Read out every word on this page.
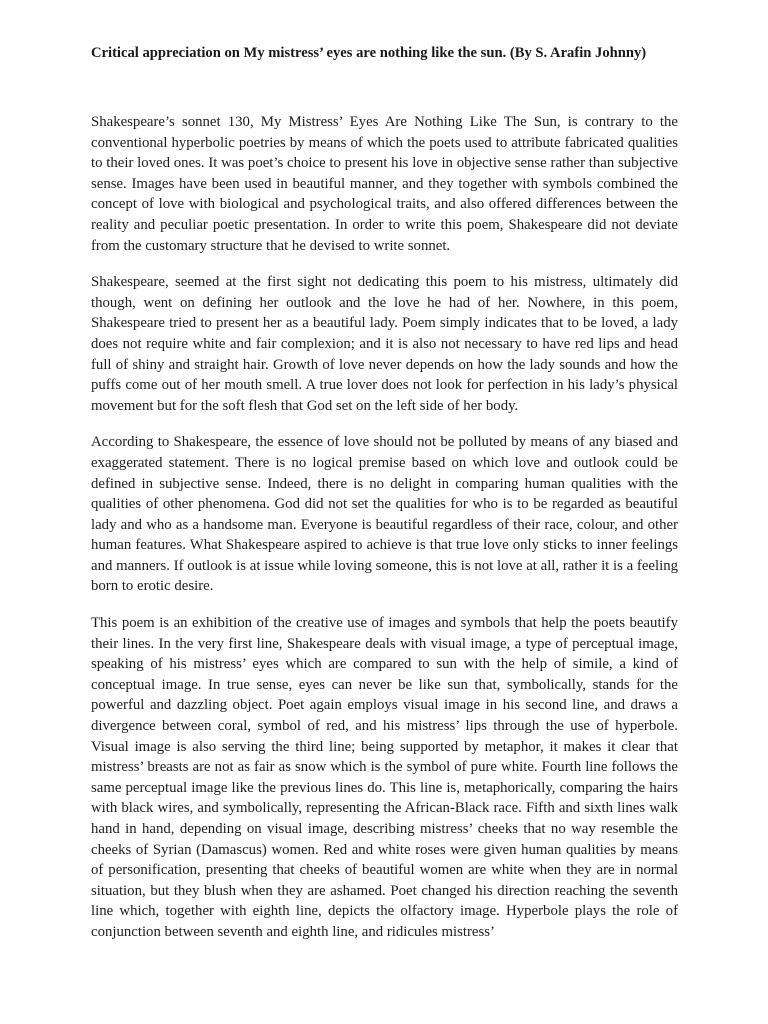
Critical appreciation on My mistress’ eyes are nothing like the sun. (By S. Arafin Johnny)

Shakespeare’s sonnet 130, My Mistress’ Eyes Are Nothing Like The Sun, is contrary to the conventional hyperbolic poetries by means of which the poets used to attribute fabricated qualities to their loved ones. It was poet’s choice to present his love in objective sense rather than subjective sense. Images have been used in beautiful manner, and they together with symbols combined the concept of love with biological and psychological traits, and also offered differences between the reality and peculiar poetic presentation. In order to write this poem, Shakespeare did not deviate from the customary structure that he devised to write sonnet.

Shakespeare, seemed at the first sight not dedicating this poem to his mistress, ultimately did though, went on defining her outlook and the love he had of her. Nowhere, in this poem, Shakespeare tried to present her as a beautiful lady. Poem simply indicates that to be loved, a lady does not require white and fair complexion; and it is also not necessary to have red lips and head full of shiny and straight hair. Growth of love never depends on how the lady sounds and how the puffs come out of her mouth smell. A true lover does not look for perfection in his lady’s physical movement but for the soft flesh that God set on the left side of her body.

According to Shakespeare, the essence of love should not be polluted by means of any biased and exaggerated statement. There is no logical premise based on which love and outlook could be defined in subjective sense. Indeed, there is no delight in comparing human qualities with the qualities of other phenomena. God did not set the qualities for who is to be regarded as beautiful lady and who as a handsome man. Everyone is beautiful regardless of their race, colour, and other human features. What Shakespeare aspired to achieve is that true love only sticks to inner feelings and manners. If outlook is at issue while loving someone, this is not love at all, rather it is a feeling born to erotic desire.

This poem is an exhibition of the creative use of images and symbols that help the poets beautify their lines. In the very first line, Shakespeare deals with visual image, a type of perceptual image, speaking of his mistress’ eyes which are compared to sun with the help of simile, a kind of conceptual image. In true sense, eyes can never be like sun that, symbolically, stands for the powerful and dazzling object. Poet again employs visual image in his second line, and draws a divergence between coral, symbol of red, and his mistress’ lips through the use of hyperbole. Visual image is also serving the third line; being supported by metaphor, it makes it clear that mistress’ breasts are not as fair as snow which is the symbol of pure white. Fourth line follows the same perceptual image like the previous lines do. This line is, metaphorically, comparing the hairs with black wires, and symbolically, representing the African-Black race. Fifth and sixth lines walk hand in hand, depending on visual image, describing mistress’ cheeks that no way resemble the cheeks of Syrian (Damascus) women. Red and white roses were given human qualities by means of personification, presenting that cheeks of beautiful women are white when they are in normal situation, but they blush when they are ashamed. Poet changed his direction reaching the seventh line which, together with eighth line, depicts the olfactory image. Hyperbole plays the role of conjunction between seventh and eighth line, and ridicules mistress’
